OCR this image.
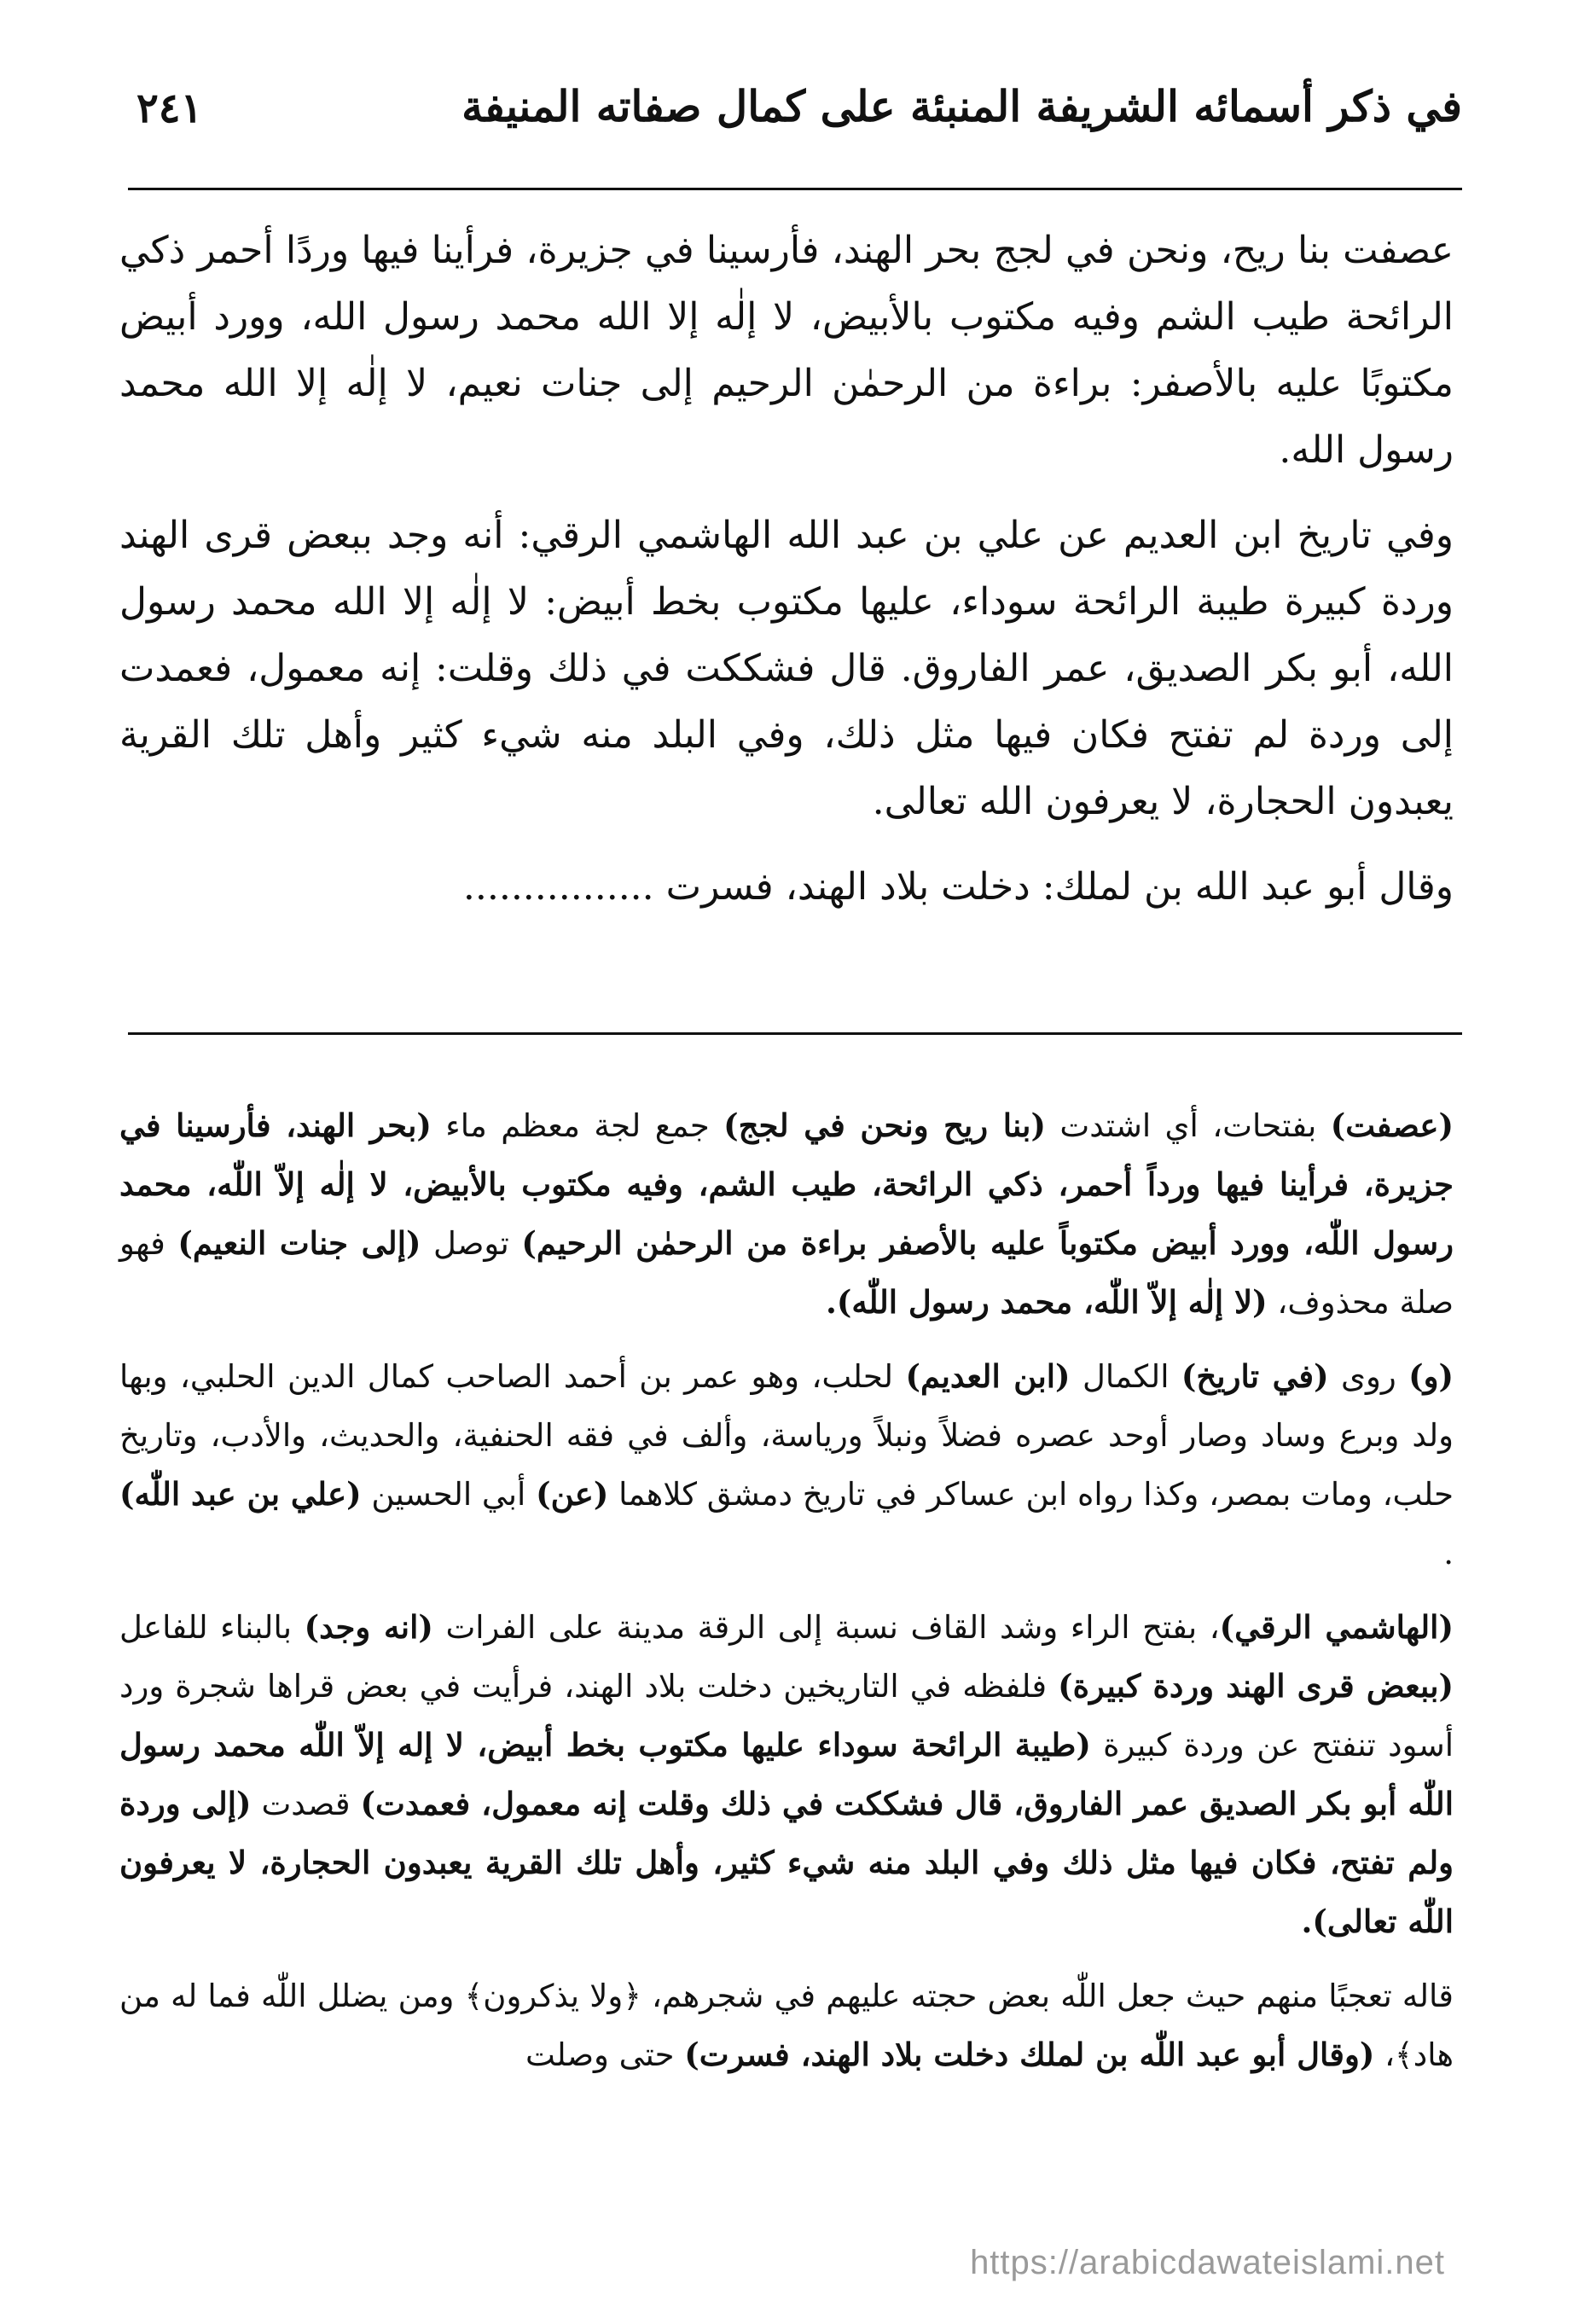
في ذكر أسمائه الشريفة المنبئة على كمال صفاته المنيفة
٢٤١

عصفت بنا ريح، ونحن في لجج بحر الهند، فأرسينا في جزيرة، فرأينا فيها وردًا أحمر ذكي الرائحة طيب الشم وفيه مكتوب بالأبيض، لا إلٰه إلا الله محمد رسول الله، وورد أبيض مكتوبًا عليه بالأصفر: براءة من الرحمٰن الرحيم إلى جنات نعيم، لا إلٰه إلا الله محمد رسول الله.

وفي تاريخ ابن العديم عن علي بن عبد الله الهاشمي الرقي: أنه وجد ببعض قرى الهند وردة كبيرة طيبة الرائحة سوداء، عليها مكتوب بخط أبيض: لا إلٰه إلا الله محمد رسول الله، أبو بكر الصديق، عمر الفاروق. قال فشككت في ذلك وقلت: إنه معمول، فعمدت إلى وردة لم تفتح فكان فيها مثل ذلك، وفي البلد منه شيء كثير وأهل تلك القرية يعبدون الحجارة، لا يعرفون الله تعالى.

وقال أبو عبد الله بن لملك: دخلت بلاد الهند، فسرت ................

(عصفت) بفتحات، أي اشتدت (بنا ريح ونحن في لجج) جمع لجة معظم ماء (بحر الهند، فأرسينا في جزيرة، فرأينا فيها ورداً أحمر، ذكي الرائحة، طيب الشم، وفيه مكتوب بالأبيض، لا إلٰه إلاّ اللّٰه، محمد رسول اللّٰه، وورد أبيض مكتوباً عليه بالأصفر براءة من الرحمٰن الرحيم) توصل (إلى جنات النعيم) فهو صلة محذوف، (لا إلٰه إلاّ اللّٰه، محمد رسول اللّٰه).

(و) روى (في تاريخ) الكمال (ابن العديم) لحلب، وهو عمر بن أحمد الصاحب كمال الدين الحلبي، وبها ولد وبرع وساد وصار أوحد عصره فضلاً ونبلاً ورياسة، وألف في فقه الحنفية، والحديث، والأدب، وتاريخ حلب، ومات بمصر، وكذا رواه ابن عساكر في تاريخ دمشق كلاهما (عن) أبي الحسين (علي بن عبد اللّٰه) .

(الهاشمي الرقي)، بفتح الراء وشد القاف نسبة إلى الرقة مدينة على الفرات (انه وجد) بالبناء للفاعل (ببعض قرى الهند وردة كبيرة) فلفظه في التاريخين دخلت بلاد الهند، فرأيت في بعض قراها شجرة ورد أسود تنفتح عن وردة كبيرة (طيبة الرائحة سوداء عليها مكتوب بخط أبيض، لا إله إلاّ اللّٰه محمد رسول اللّٰه أبو بكر الصديق عمر الفاروق، قال فشككت في ذلك وقلت إنه معمول، فعمدت) قصدت (إلى وردة ولم تفتح، فكان فيها مثل ذلك وفي البلد منه شيء كثير، وأهل تلك القرية يعبدون الحجارة، لا يعرفون اللّٰه تعالى).

قاله تعجبًا منهم حيث جعل اللّٰه بعض حجته عليهم في شجرهم، ﴿ولا يذكرون﴾ ومن يضلل اللّٰه فما له من هاد﴾، (وقال أبو عبد اللّٰه بن لملك دخلت بلاد الهند، فسرت) حتى وصلت

https://arabicdawateislami.net
